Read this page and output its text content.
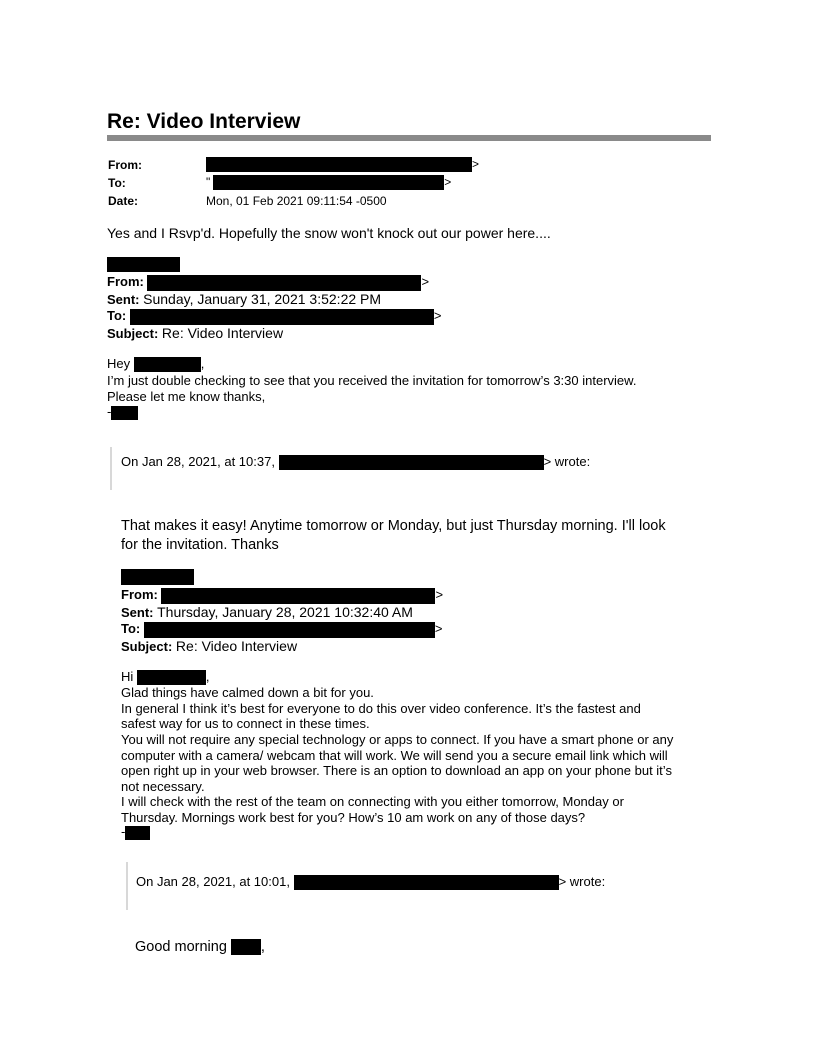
Re: Video Interview
From:	>
To:	"	>
Date:	Mon, 01 Feb 2021 09:11:54 -0500
Yes and I Rsvp'd. Hopefully the snow won't knock out our power here....
From:	>
Sent: Sunday, January 31, 2021 3:52:22 PM
To:	>
Subject: Re: Video Interview
Hey	,
I’m just double checking to see that you received the invitation for tomorrow’s 3:30 interview.
Please let me know thanks,
-
On Jan 28, 2021, at 10:37,	> wrote:
That makes it easy! Anytime tomorrow or Monday, but just Thursday morning. I'll look
for the invitation. Thanks
From:	>
Sent: Thursday, January 28, 2021 10:32:40 AM
To:	>
Subject: Re: Video Interview
Hi	,
Glad things have calmed down a bit for you.
In general I think it’s best for everyone to do this over video conference. It’s the fastest and
safest way for us to connect in these times.
You will not require any special technology or apps to connect. If you have a smart phone or any
computer with a camera/ webcam that will work. We will send you a secure email link which will
open right up in your web browser. There is an option to download an app on your phone but it’s
not necessary.
I will check with the rest of the team on connecting with you either tomorrow, Monday or
Thursday. Mornings work best for you? How’s 10 am work on any of those days?
-
On Jan 28, 2021, at 10:01,	> wrote:
Good morning ,
